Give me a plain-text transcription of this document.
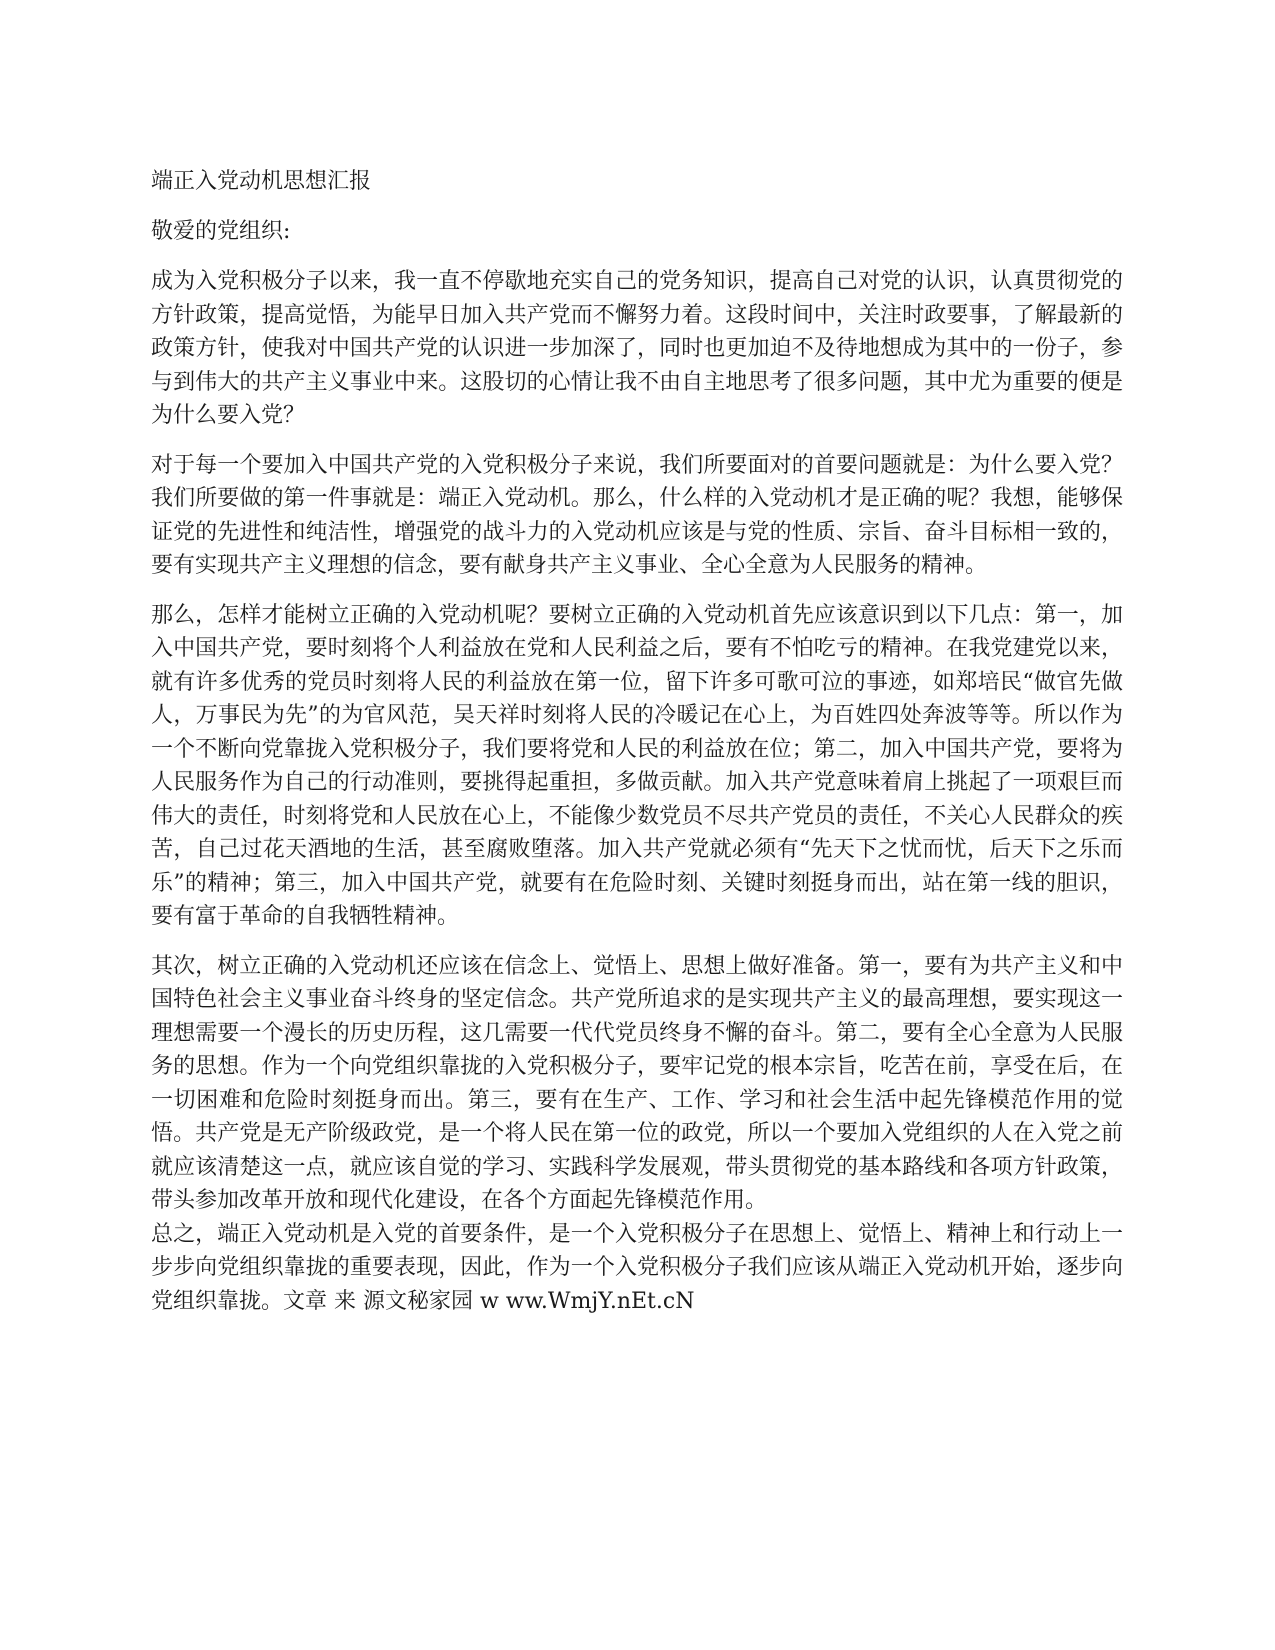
端正入党动机思想汇报

敬爱的党组织:

成为入党积极分子以来，我一直不停歇地充实自己的党务知识，提高自己对党的认识，认真贯彻党的方针政策，提高觉悟，为能早日加入共产党而不懈努力着。这段时间中，关注时政要事，了解最新的政策方针，使我对中国共产党的认识进一步加深了，同时也更加迫不及待地想成为其中的一份子，参与到伟大的共产主义事业中来。这股切的心情让我不由自主地思考了很多问题，其中尤为重要的便是为什么要入党？

对于每一个要加入中国共产党的入党积极分子来说，我们所要面对的首要问题就是：为什么要入党？我们所要做的第一件事就是：端正入党动机。那么，什么样的入党动机才是正确的呢？我想，能够保证党的先进性和纯洁性，增强党的战斗力的入党动机应该是与党的性质、宗旨、奋斗目标相一致的，要有实现共产主义理想的信念，要有献身共产主义事业、全心全意为人民服务的精神。

那么，怎样才能树立正确的入党动机呢？要树立正确的入党动机首先应该意识到以下几点：第一，加入中国共产党，要时刻将个人利益放在党和人民利益之后，要有不怕吃亏的精神。在我党建党以来，就有许多优秀的党员时刻将人民的利益放在第一位，留下许多可歌可泣的事迹，如郑培民“做官先做人，万事民为先”的为官风范，吴天祥时刻将人民的冷暖记在心上，为百姓四处奔波等等。所以作为一个不断向党靠拢入党积极分子，我们要将党和人民的利益放在位；第二，加入中国共产党，要将为人民服务作为自己的行动准则，要挑得起重担，多做贡献。加入共产党意味着肩上挑起了一项艰巨而伟大的责任，时刻将党和人民放在心上，不能像少数党员不尽共产党员的责任，不关心人民群众的疾苦，自己过花天酒地的生活，甚至腐败堕落。加入共产党就必须有“先天下之忧而忧，后天下之乐而乐”的精神；第三，加入中国共产党，就要有在危险时刻、关键时刻挺身而出，站在第一线的胆识，要有富于革命的自我牺牲精神。

其次，树立正确的入党动机还应该在信念上、觉悟上、思想上做好准备。第一，要有为共产主义和中国特色社会主义事业奋斗终身的坚定信念。共产党所追求的是实现共产主义的最高理想，要实现这一理想需要一个漫长的历史历程，这几需要一代代党员终身不懈的奋斗。第二，要有全心全意为人民服务的思想。作为一个向党组织靠拢的入党积极分子，要牢记党的根本宗旨，吃苦在前，享受在后，在一切困难和危险时刻挺身而出。第三，要有在生产、工作、学习和社会生活中起先锋模范作用的觉悟。共产党是无产阶级政党，是一个将人民在第一位的政党，所以一个要加入党组织的人在入党之前就应该清楚这一点，就应该自觉的学习、实践科学发展观，带头贯彻党的基本路线和各项方针政策，带头参加改革开放和现代化建设，在各个方面起先锋模范作用。

总之，端正入党动机是入党的首要条件，是一个入党积极分子在思想上、觉悟上、精神上和行动上一步步向党组织靠拢的重要表现，因此，作为一个入党积极分子我们应该从端正入党动机开始，逐步向党组织靠拢。文章 来 源文秘家园 w ww.WmjY.nEt.cN
